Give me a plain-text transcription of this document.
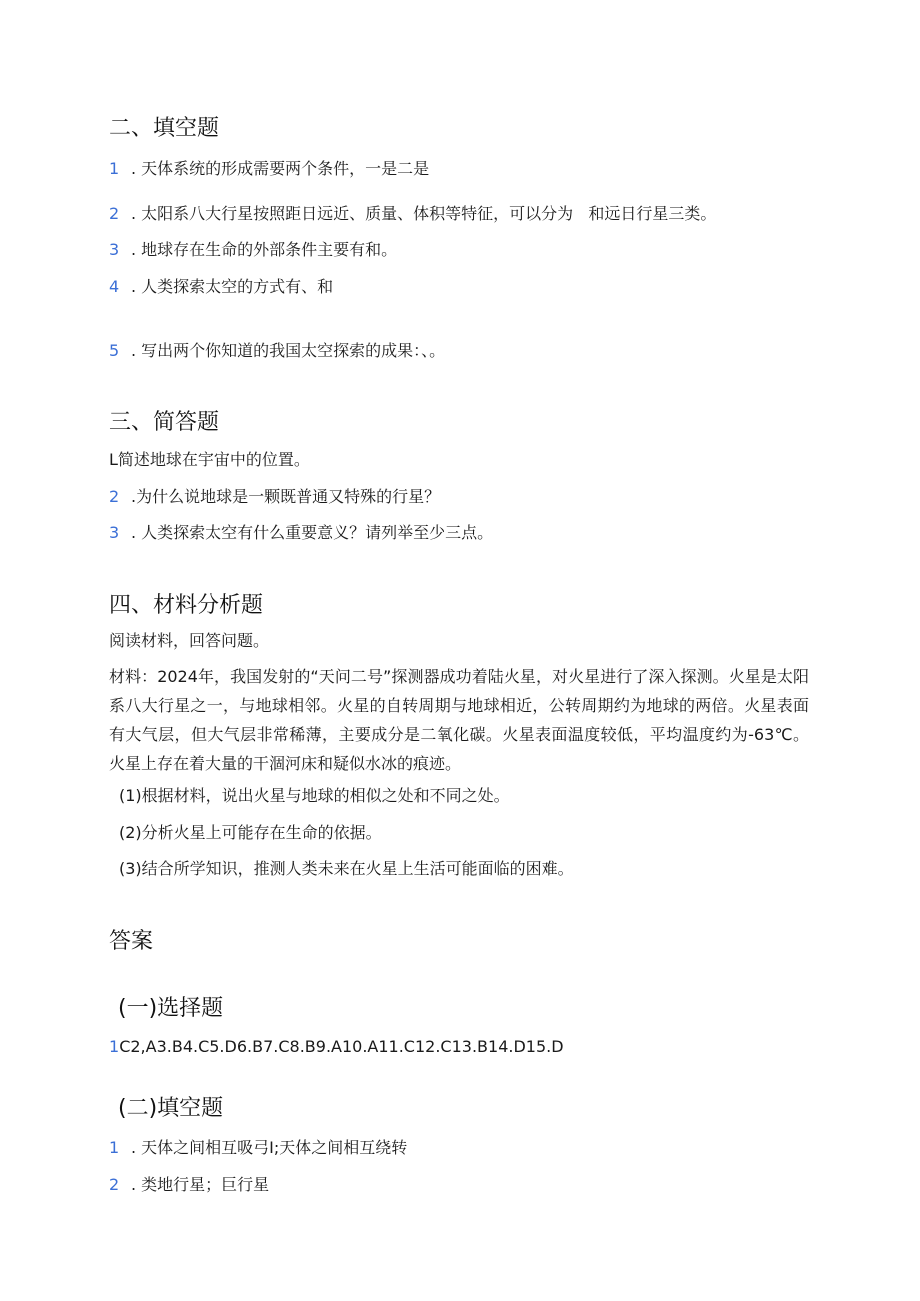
二、填空题
1 . 天体系统的形成需要两个条件，一是二是
2 . 太阳系八大行星按照距日远近、质量、体积等特征，可以分为   和远日行星三类。
3 . 地球存在生命的外部条件主要有和。
4 . 人类探索太空的方式有、和
5 . 写出两个你知道的我国太空探索的成果：、。
三、简答题
L简述地球在宇宙中的位置。
2 .为什么说地球是一颗既普通又特殊的行星？
3 . 人类探索太空有什么重要意义？请列举至少三点。
四、材料分析题
阅读材料，回答问题。
材料：2024年，我国发射的“天问二号”探测器成功着陆火星，对火星进行了深入探测。火星是太阳系八大行星之一，与地球相邻。火星的自转周期与地球相近，公转周期约为地球的两倍。火星表面有大气层，但大气层非常稀薄，主要成分是二氧化碳。火星表面温度较低，平均温度约为-63℃。火星上存在着大量的干涸河床和疑似水冰的痕迹。
(1)根据材料，说出火星与地球的相似之处和不同之处。
(2)分析火星上可能存在生命的依据。
(3)结合所学知识，推测人类未来在火星上生活可能面临的困难。
答案
(一)选择题
1C2,A3.B4.C5.D6.B7.C8.B9.A10.A11.C12.C13.B14.D15.D
(二)填空题
1 . 天体之间相互吸弓I;天体之间相互绕转
2 . 类地行星；巨行星
